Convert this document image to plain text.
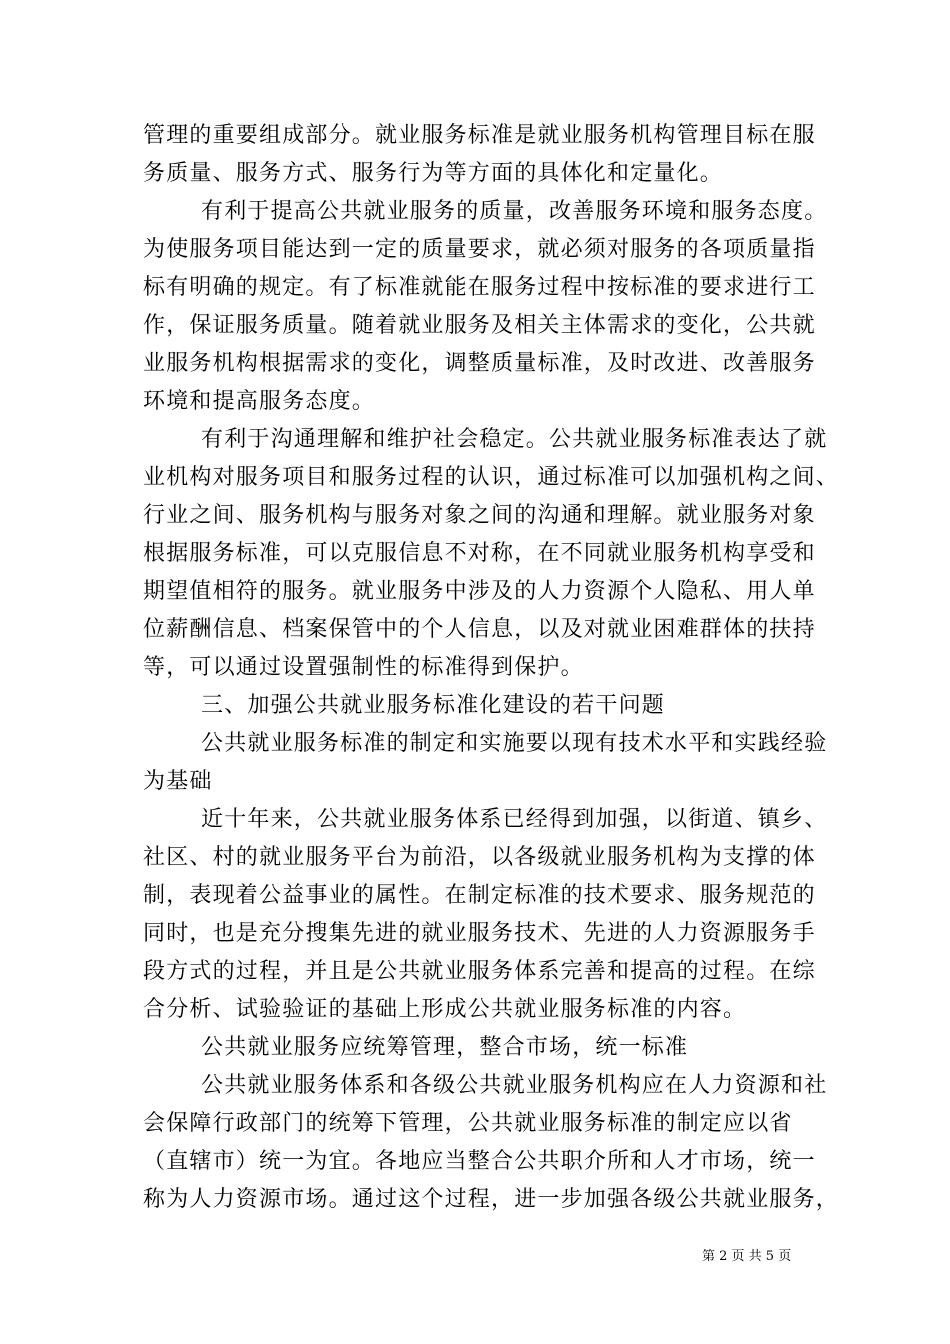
管理的重要组成部分。就业服务标准是就业服务机构管理目标在服
务质量、服务方式、服务行为等方面的具体化和定量化。
有利于提高公共就业服务的质量，改善服务环境和服务态度。
为使服务项目能达到一定的质量要求，就必须对服务的各项质量指
标有明确的规定。有了标准就能在服务过程中按标准的要求进行工
作，保证服务质量。随着就业服务及相关主体需求的变化，公共就
业服务机构根据需求的变化，调整质量标准，及时改进、改善服务
环境和提高服务态度。
有利于沟通理解和维护社会稳定。公共就业服务标准表达了就
业机构对服务项目和服务过程的认识，通过标准可以加强机构之间、
行业之间、服务机构与服务对象之间的沟通和理解。就业服务对象
根据服务标准，可以克服信息不对称，在不同就业服务机构享受和
期望值相符的服务。就业服务中涉及的人力资源个人隐私、用人单
位薪酬信息、档案保管中的个人信息，以及对就业困难群体的扶持
等，可以通过设置强制性的标准得到保护。
三、加强公共就业服务标准化建设的若干问题
公共就业服务标准的制定和实施要以现有技术水平和实践经验
为基础
近十年来，公共就业服务体系已经得到加强，以街道、镇乡、
社区、村的就业服务平台为前沿，以各级就业服务机构为支撑的体
制，表现着公益事业的属性。在制定标准的技术要求、服务规范的
同时，也是充分搜集先进的就业服务技术、先进的人力资源服务手
段方式的过程，并且是公共就业服务体系完善和提高的过程。在综
合分析、试验验证的基础上形成公共就业服务标准的内容。
公共就业服务应统筹管理，整合市场，统一标准
公共就业服务体系和各级公共就业服务机构应在人力资源和社
会保障行政部门的统筹下管理，公共就业服务标准的制定应以省
（直辖市）统一为宜。各地应当整合公共职介所和人才市场，统一
称为人力资源市场。通过这个过程，进一步加强各级公共就业服务，
第 2 页 共 5 页
